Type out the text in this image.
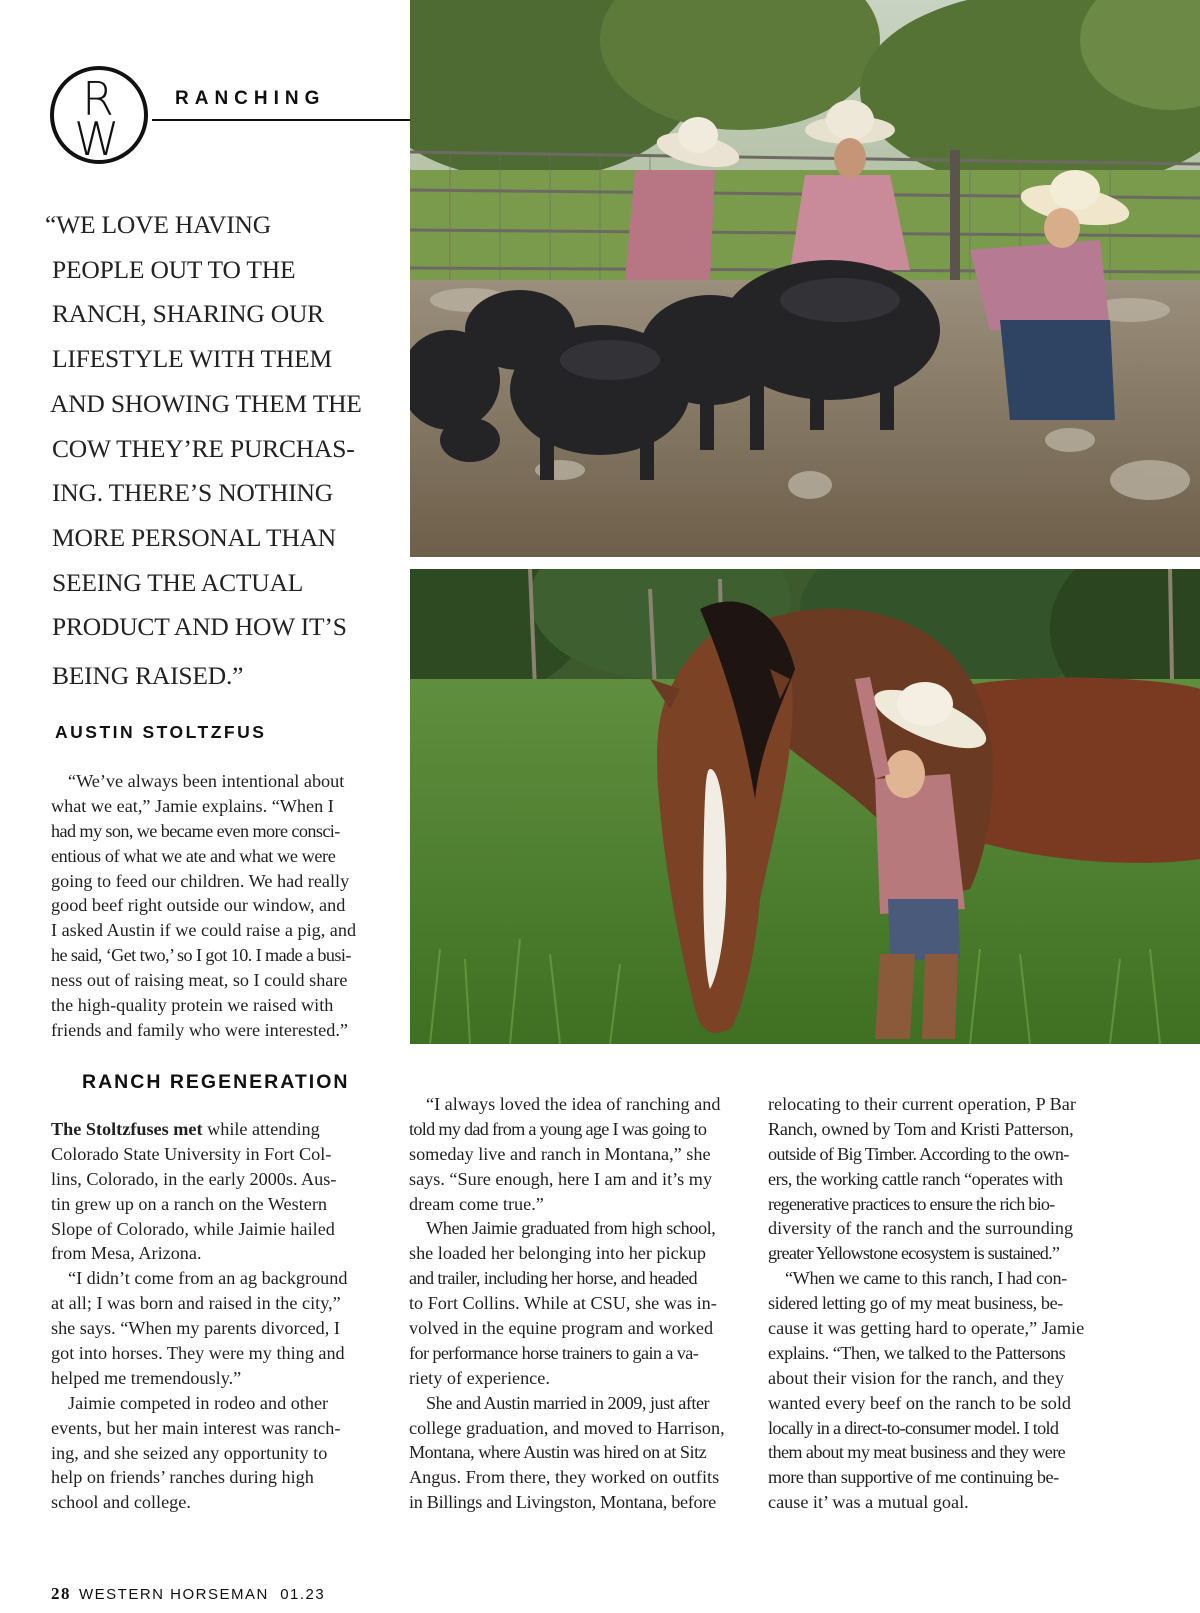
R
W
RANCHING
“WE LOVE HAVING
PEOPLE OUT TO THE
RANCH, SHARING OUR
LIFESTYLE WITH THEM
AND SHOWING THEM THE
COW THEY’RE PURCHAS-
ING. THERE’S NOTHING
MORE PERSONAL THAN
SEEING THE ACTUAL
PRODUCT AND HOW IT’S
BEING RAISED.”
AUSTIN STOLTZFUS
“We’ve always been intentional about
what we eat,” Jamie explains. “When I
had my son, we became even more consci-
entious of what we ate and what we were
going to feed our children. We had really
good beef right outside our window, and
I asked Austin if we could raise a pig, and
he said, ‘Get two,’ so I got 10. I made a busi-
ness out of raising meat, so I could share
the high-quality protein we raised with
friends and family who were interested.”
RANCH REGENERATION
The Stoltzfuses met while attending
Colorado State University in Fort Col-
lins, Colorado, in the early 2000s. Aus-
tin grew up on a ranch on the Western
Slope of Colorado, while Jaimie hailed
from Mesa, Arizona.
“I didn’t come from an ag background
at all; I was born and raised in the city,”
she says. “When my parents divorced, I
got into horses. They were my thing and
helped me tremendously.”
Jaimie competed in rodeo and other
events, but her main interest was ranch-
ing, and she seized any opportunity to
help on friends’ ranches during high
school and college.
“I always loved the idea of ranching and
told my dad from a young age I was going to
someday live and ranch in Montana,” she
says. “Sure enough, here I am and it’s my
dream come true.”
When Jaimie graduated from high school,
she loaded her belonging into her pickup
and trailer, including her horse, and headed
to Fort Collins. While at CSU, she was in-
volved in the equine program and worked
for performance horse trainers to gain a va-
riety of experience.
She and Austin married in 2009, just after
college graduation, and moved to Harrison,
Montana, where Austin was hired on at Sitz
Angus. From there, they worked on outfits
in Billings and Livingston, Montana, before
relocating to their current operation, P Bar
Ranch, owned by Tom and Kristi Patterson,
outside of Big Timber. According to the own-
ers, the working cattle ranch “operates with
regenerative practices to ensure the rich bio-
diversity of the ranch and the surrounding
greater Yellowstone ecosystem is sustained.”
“When we came to this ranch, I had con-
sidered letting go of my meat business, be-
cause it was getting hard to operate,” Jamie
explains. “Then, we talked to the Pattersons
about their vision for the ranch, and they
wanted every beef on the ranch to be sold
locally in a direct-to-consumer model. I told
them about my meat business and they were
more than supportive of me continuing be-
cause it’ was a mutual goal.
28 WESTERN HORSEMAN 01.23
